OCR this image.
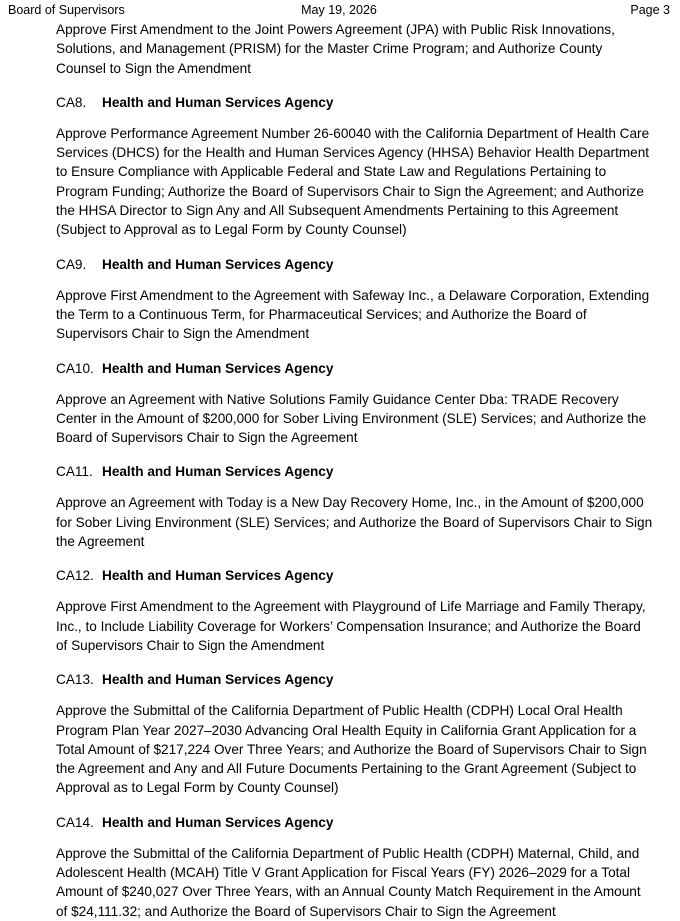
Board of Supervisors	May 19, 2026	Page 3

Approve First Amendment to the Joint Powers Agreement (JPA) with Public Risk Innovations, Solutions, and Management (PRISM) for the Master Crime Program; and Authorize County Counsel to Sign the Amendment

CA8. Health and Human Services Agency

Approve Performance Agreement Number 26-60040 with the California Department of Health Care Services (DHCS) for the Health and Human Services Agency (HHSA) Behavior Health Department to Ensure Compliance with Applicable Federal and State Law and Regulations Pertaining to Program Funding; Authorize the Board of Supervisors Chair to Sign the Agreement; and Authorize the HHSA Director to Sign Any and All Subsequent Amendments Pertaining to this Agreement (Subject to Approval as to Legal Form by County Counsel)

CA9. Health and Human Services Agency

Approve First Amendment to the Agreement with Safeway Inc., a Delaware Corporation, Extending the Term to a Continuous Term, for Pharmaceutical Services; and Authorize the Board of Supervisors Chair to Sign the Amendment

CA10. Health and Human Services Agency

Approve an Agreement with Native Solutions Family Guidance Center Dba: TRADE Recovery Center in the Amount of $200,000 for Sober Living Environment (SLE) Services; and Authorize the Board of Supervisors Chair to Sign the Agreement

CA11. Health and Human Services Agency

Approve an Agreement with Today is a New Day Recovery Home, Inc., in the Amount of $200,000 for Sober Living Environment (SLE) Services; and Authorize the Board of Supervisors Chair to Sign the Agreement

CA12. Health and Human Services Agency

Approve First Amendment to the Agreement with Playground of Life Marriage and Family Therapy, Inc., to Include Liability Coverage for Workers’ Compensation Insurance; and Authorize the Board of Supervisors Chair to Sign the Amendment

CA13. Health and Human Services Agency

Approve the Submittal of the California Department of Public Health (CDPH) Local Oral Health Program Plan Year 2027–2030 Advancing Oral Health Equity in California Grant Application for a Total Amount of $217,224 Over Three Years; and Authorize the Board of Supervisors Chair to Sign the Agreement and Any and All Future Documents Pertaining to the Grant Agreement (Subject to Approval as to Legal Form by County Counsel)

CA14. Health and Human Services Agency

Approve the Submittal of the California Department of Public Health (CDPH) Maternal, Child, and Adolescent Health (MCAH) Title V Grant Application for Fiscal Years (FY) 2026–2029 for a Total Amount of $240,027 Over Three Years, with an Annual County Match Requirement in the Amount of $24,111.32; and Authorize the Board of Supervisors Chair to Sign the Agreement
